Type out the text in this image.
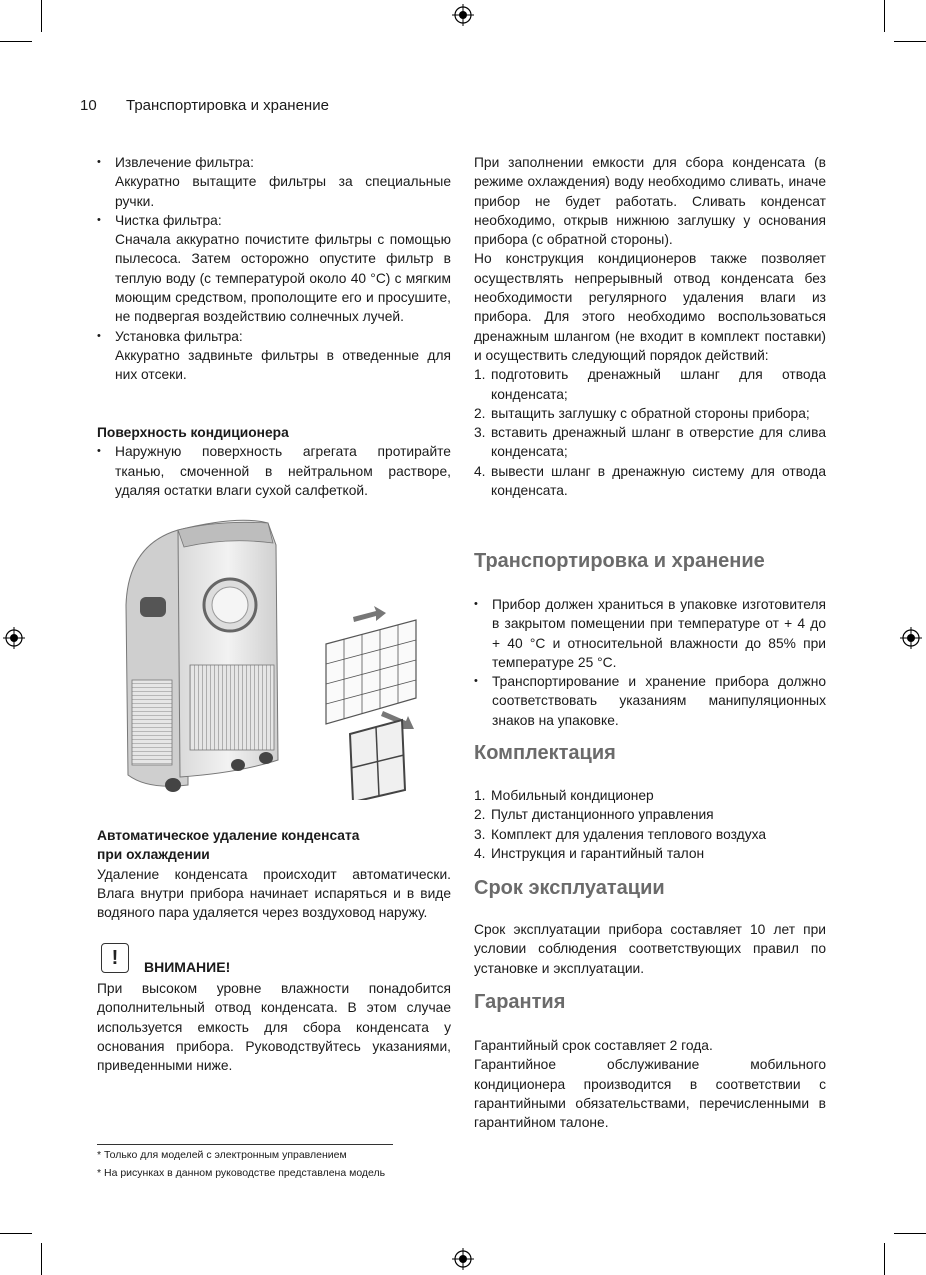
10 Транспортировка и хранение
• Извлечение фильтра:
Аккуратно вытащите фильтры за специальные ручки.
• Чистка фильтра:
Сначала аккуратно почистите фильтры с помощью пылесоса. Затем осторожно опустите фильтр в теплую воду (с температурой около 40 °С) с мягким моющим средством, прополощите его и просушите, не подвергая воздействию солнечных лучей.
• Установка фильтра:
Аккуратно задвиньте фильтры в отведенные для них отсеки.

Поверхность кондиционера

• Наружную поверхность агрегата протирайте тканью, смоченной в нейтральном растворе, удаляя остатки влаги сухой салфеткой.

Автоматическое удаление конденсата

при охлаждении

Удаление конденсата происходит автоматически. Влага внутри прибора начинает испаряться и в виде водяного пара удаляется через воздуховод наружу.

!	ВНИМАНИЕ!

При высоком уровне влажности понадобится дополнительный отвод конденсата. В этом случае используется емкость для сбора конденсата у основания прибора. Руководствуйтесь указаниями, приведенными ниже.

* Только для моделей с электронным управлением
* На рисунках в данном руководстве представлена модель

При заполнении емкости для сбора конденсата (в режиме охлаждения) воду необходимо сливать, иначе прибор не будет работать. Сливать конденсат необходимо, открыв нижнюю заглушку у основания прибора (с обратной стороны).

Но конструкция кондиционеров также позволяет осуществлять непрерывный отвод конденсата без необходимости регулярного удаления влаги из прибора. Для этого необходимо воспользоваться дренажным шлангом (не входит в комплект поставки) и осуществить следующий порядок действий:

1. подготовить дренажный шланг для отвода конденсата;
2. вытащить заглушку с обратной стороны прибора;
3. вставить дренажный шланг в отверстие для слива конденсата;
4. вывести шланг в дренажную систему для отвода конденсата.

Транспортировка и хранение

• Прибор должен храниться в упаковке изготовителя в закрытом помещении при температуре от + 4 до + 40 °С и относительной влажности до 85% при температуре 25 °С.
• Транспортирование и хранение прибора должно соответствовать указаниям манипуляционных знаков на упаковке.

Комплектация

1. Мобильный кондиционер
2. Пульт дистанционного управления
3. Комплект для удаления теплового воздуха
4. Инструкция и гарантийный талон

Срок эксплуатации

Срок эксплуатации прибора составляет 10 лет при условии соблюдения соответствующих правил по установке и эксплуатации.

Гарантия

Гарантийный срок составляет 2 года.

Гарантийное обслуживание мобильного кондиционера производится в соответствии с гарантийными обязательствами, перечисленными в гарантийном талоне.
